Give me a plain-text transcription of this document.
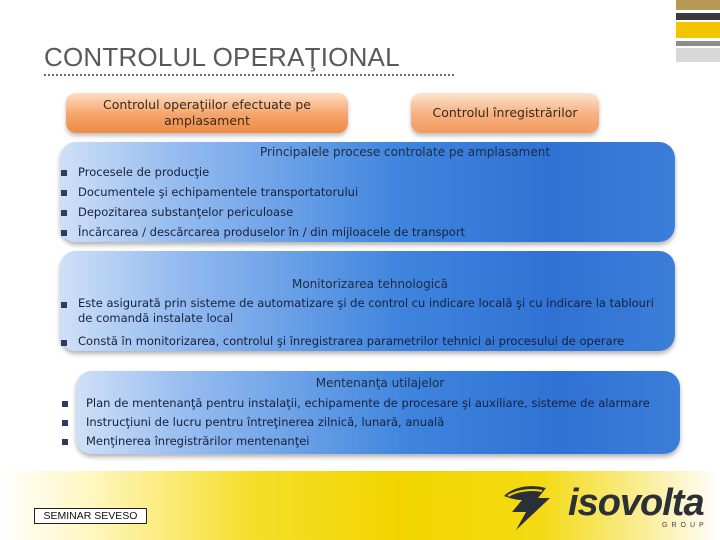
CONTROLUL OPERAŢIONAL
Controlul operaţiilor efectuate pe amplasament
Controlul înregistrărilor
Principalele procese controlate pe amplasament
Procesele de producţie
Documentele şi echipamentele transportatorului
Depozitarea substanţelor periculoase
Încărcarea / descărcarea produselor în / din mijloacele de transport
Monitorizarea tehnologică
Este asigurată prin sisteme de automatizare şi de control cu indicare locală şi cu indicare la tablouri de comandă instalate local
Constă în monitorizarea, controlul şi înregistrarea parametrilor tehnici ai procesului de operare
Mentenanţa utilajelor
Plan de mentenanţă pentru instalaţii, echipamente de procesare şi auxiliare, sisteme de alarmare
Instrucţiuni de lucru pentru întreţinerea zilnică, lunară, anuală
Menţinerea înregistrărilor mentenanţei
SEMINAR SEVESO	isovolta
GROUP
